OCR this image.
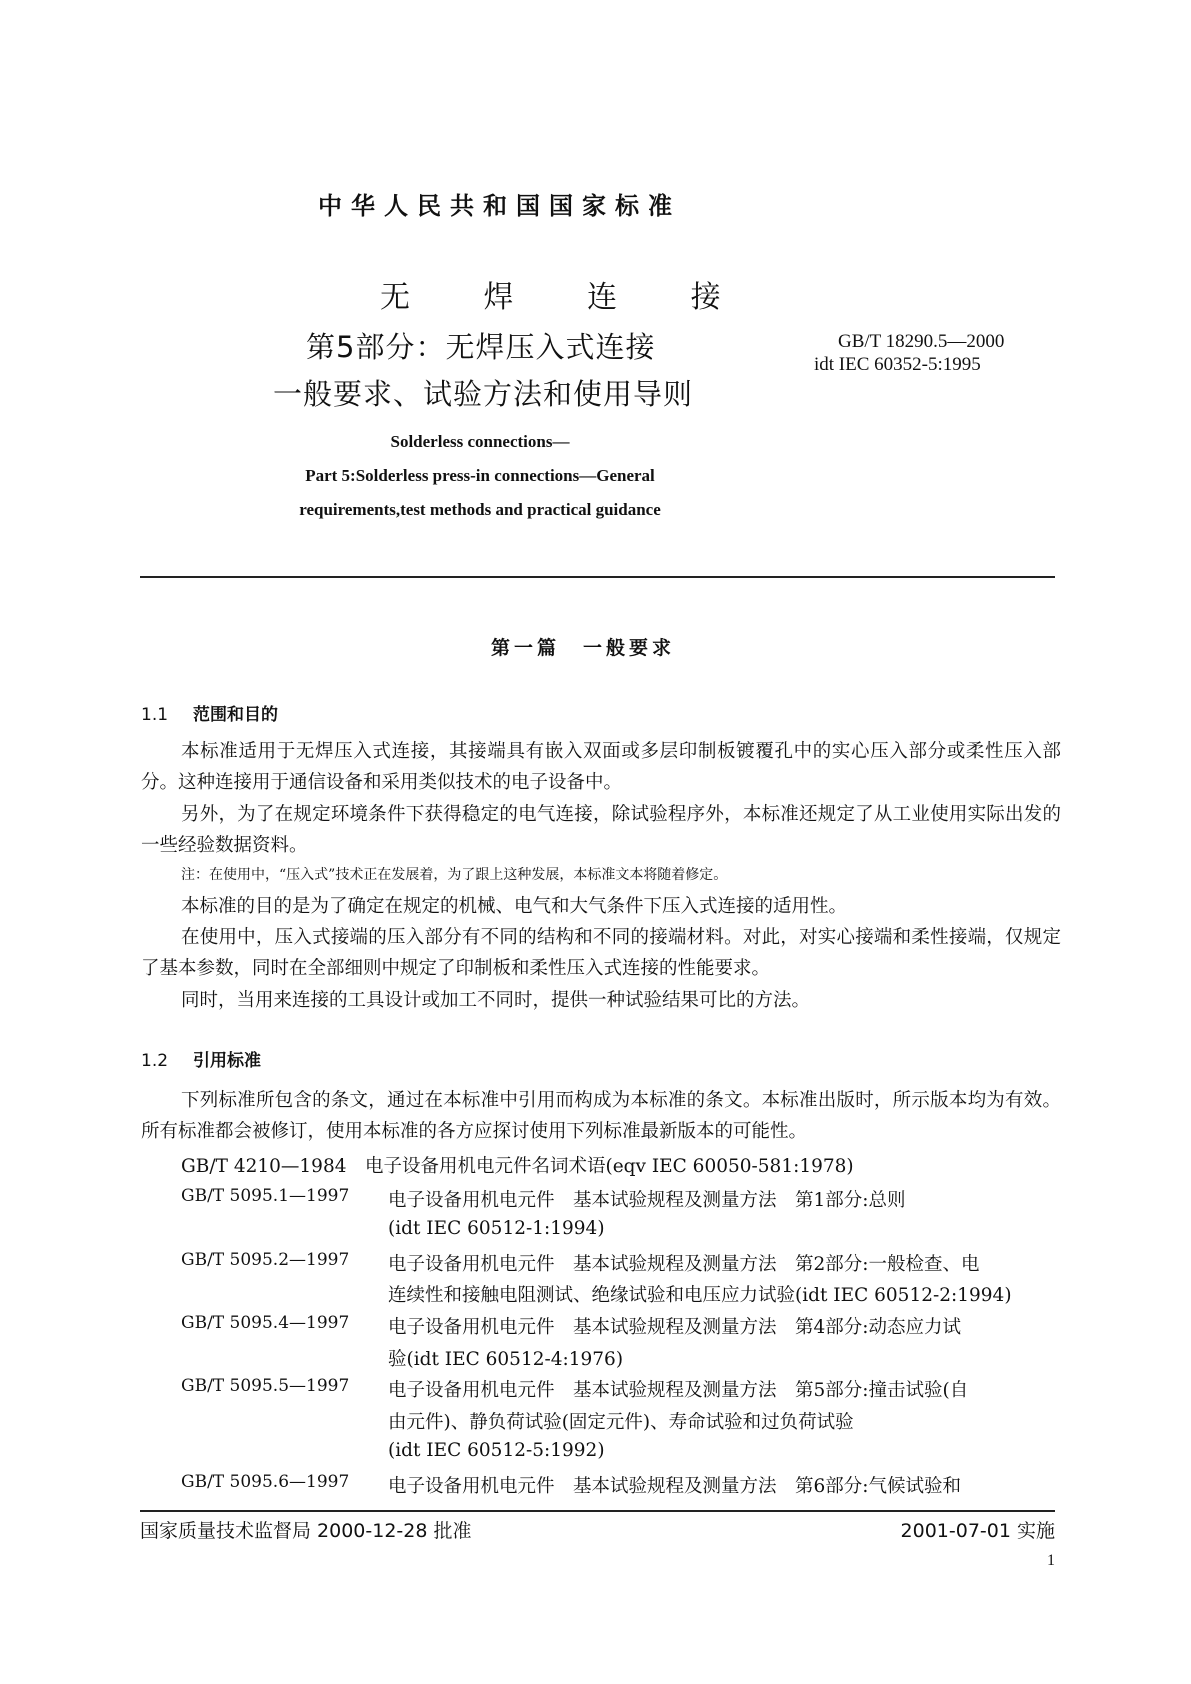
中华人民共和国国家标准
无 焊 连 接
第5部分：无焊压入式连接
一般要求、试验方法和使用导则
GB/T 18290.5—2000
idt IEC 60352-5:1995
Solderless connections—
Part 5:Solderless press-in connections—General
requirements,test methods and practical guidance
第一篇　一般要求
1.1 范围和目的
本标准适用于无焊压入式连接，其接端具有嵌入双面或多层印制板镀覆孔中的实心压入部分或柔性压入部分。这种连接用于通信设备和采用类似技术的电子设备中。
另外，为了在规定环境条件下获得稳定的电气连接，除试验程序外，本标准还规定了从工业使用实际出发的一些经验数据资料。
注：在使用中，“压入式”技术正在发展着，为了跟上这种发展，本标准文本将随着修定。
本标准的目的是为了确定在规定的机械、电气和大气条件下压入式连接的适用性。
在使用中，压入式接端的压入部分有不同的结构和不同的接端材料。对此，对实心接端和柔性接端，仅规定了基本参数，同时在全部细则中规定了印制板和柔性压入式连接的性能要求。
同时，当用来连接的工具设计或加工不同时，提供一种试验结果可比的方法。
1.2 引用标准
下列标准所包含的条文，通过在本标准中引用而构成为本标准的条文。本标准出版时，所示版本均为有效。所有标准都会被修订，使用本标准的各方应探讨使用下列标准最新版本的可能性。
GB/T 4210—1984　电子设备用机电元件名词术语(eqv IEC 60050-581:1978)
GB/T 5095.1—1997 电子设备用机电元件　基本试验规程及测量方法　第1部分:总则
(idt IEC 60512-1:1994)
GB/T 5095.2—1997 电子设备用机电元件　基本试验规程及测量方法　第2部分:一般检查、电
连续性和接触电阻测试、绝缘试验和电压应力试验(idt IEC 60512-2:1994)
GB/T 5095.4—1997 电子设备用机电元件　基本试验规程及测量方法　第4部分:动态应力试
验(idt IEC 60512-4:1976)
GB/T 5095.5—1997 电子设备用机电元件　基本试验规程及测量方法　第5部分:撞击试验(自
由元件)、静负荷试验(固定元件)、寿命试验和过负荷试验
(idt IEC 60512-5:1992)
GB/T 5095.6—1997 电子设备用机电元件　基本试验规程及测量方法　第6部分:气候试验和
国家质量技术监督局 2000-12-28 批准	2001-07-01 实施
1
